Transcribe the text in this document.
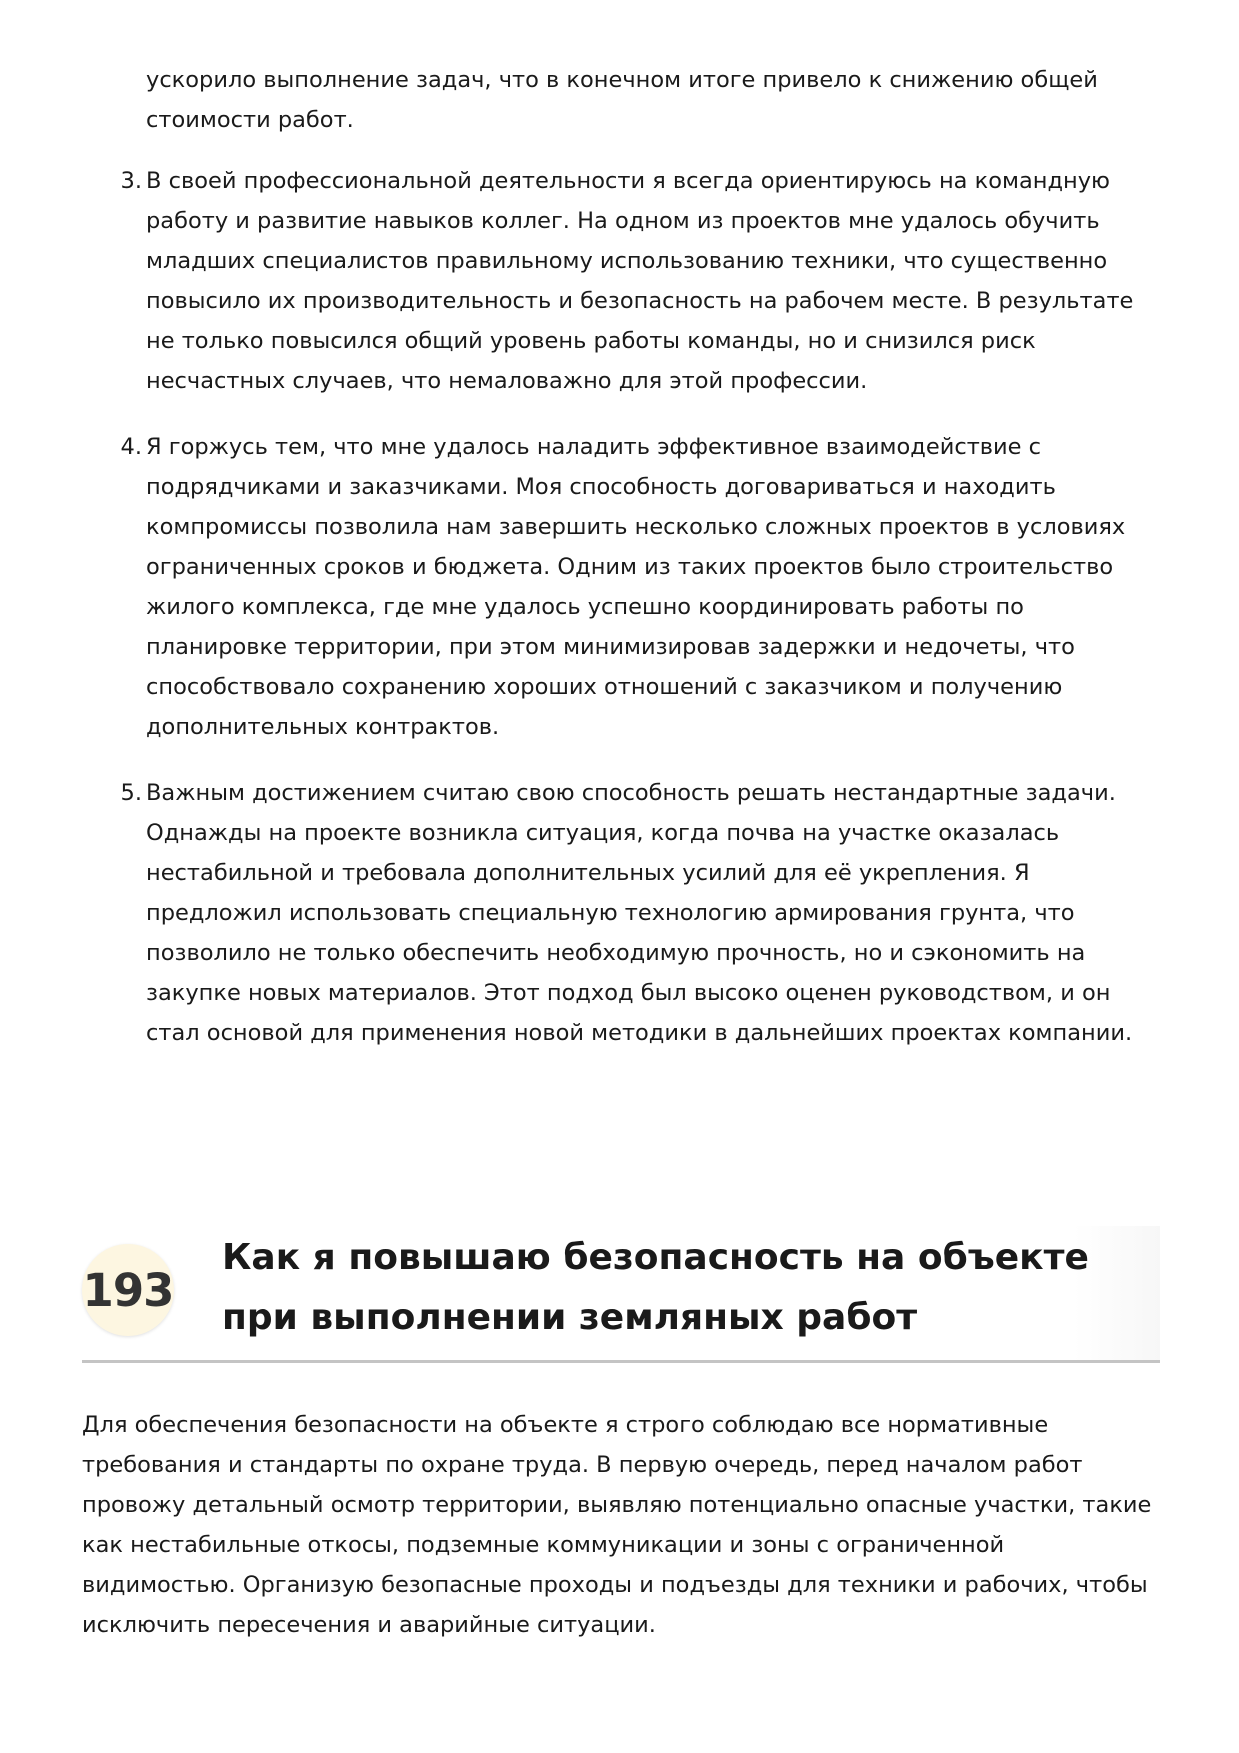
ускорило выполнение задач, что в конечном итоге привело к снижению общей стоимости работ.

3. В своей профессиональной деятельности я всегда ориентируюсь на командную работу и развитие навыков коллег. На одном из проектов мне удалось обучить младших специалистов правильному использованию техники, что существенно повысило их производительность и безопасность на рабочем месте. В результате не только повысился общий уровень работы команды, но и снизился риск несчастных случаев, что немаловажно для этой профессии.
4. Я горжусь тем, что мне удалось наладить эффективное взаимодействие с подрядчиками и заказчиками. Моя способность договариваться и находить компромиссы позволила нам завершить несколько сложных проектов в условиях ограниченных сроков и бюджета. Одним из таких проектов было строительство жилого комплекса, где мне удалось успешно координировать работы по планировке территории, при этом минимизировав задержки и недочеты, что способствовало сохранению хороших отношений с заказчиком и получению дополнительных контрактов.
5. Важным достижением считаю свою способность решать нестандартные задачи. Однажды на проекте возникла ситуация, когда почва на участке оказалась нестабильной и требовала дополнительных усилий для её укрепления. Я предложил использовать специальную технологию армирования грунта, что позволило не только обеспечить необходимую прочность, но и сэкономить на закупке новых материалов. Этот подход был высоко оценен руководством, и он стал основой для применения новой методики в дальнейших проектах компании.
193
Как я повышаю безопасность на объекте при выполнении земляных работ

Для обеспечения безопасности на объекте я строго соблюдаю все нормативные требования и стандарты по охране труда. В первую очередь, перед началом работ провожу детальный осмотр территории, выявляю потенциально опасные участки, такие как нестабильные откосы, подземные коммуникации и зоны с ограниченной видимостью. Организую безопасные проходы и подъезды для техники и рабочих, чтобы исключить пересечения и аварийные ситуации.
